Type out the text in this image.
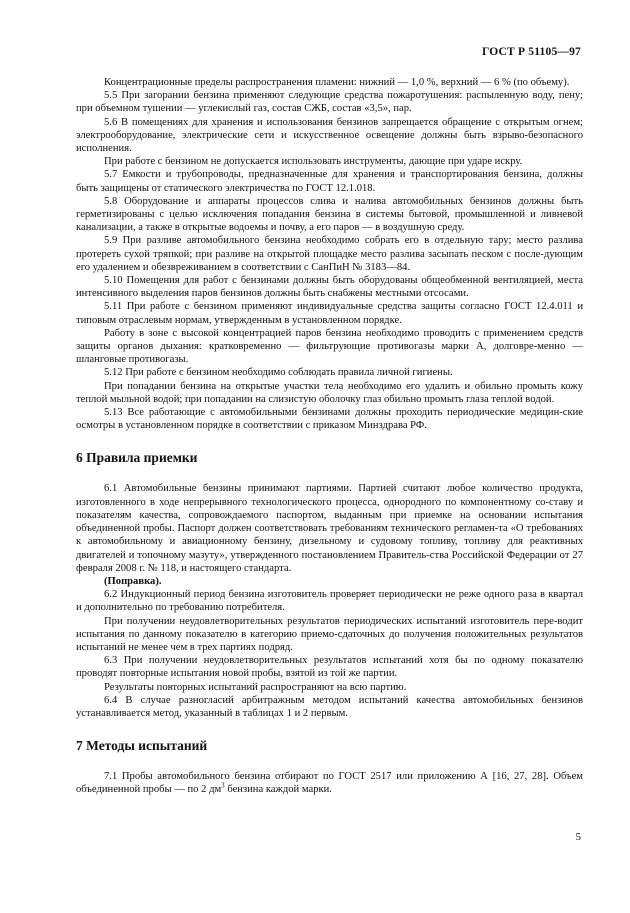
ГОСТ Р 51105—97

Концентрационные пределы распространения пламени: нижний — 1,0 %, верхний — 6 % (по объему).

5.5 При загорании бензина применяют следующие средства пожаротушения: распыленную воду, пену; при объемном тушении — углекислый газ, состав СЖБ, состав «3,5», пар.

5.6 В помещениях для хранения и использования бензинов запрещается обращение с открытым огнем; электрооборудование, электрические сети и искусственное освещение должны быть взрыво-безопасного исполнения.

При работе с бензином не допускается использовать инструменты, дающие при ударе искру.

5.7 Емкости и трубопроводы, предназначенные для хранения и транспортирования бензина, должны быть защищены от статического электричества по ГОСТ 12.1.018.

5.8 Оборудование и аппараты процессов слива и налива автомобильных бензинов должны быть герметизированы с целью исключения попадания бензина в системы бытовой, промышленной и ливневой канализации, а также в открытые водоемы и почву, а его паров — в воздушную среду.

5.9 При разливе автомобильного бензина необходимо собрать его в отдельную тару; место разлива протереть сухой тряпкой; при разливе на открытой площадке место разлива засыпать песком с после-дующим его удалением и обезвреживанием в соответствии с СанПиН № 3183—84.

5.10 Помещения для работ с бензинами должны быть оборудованы общеобменной вентиляцией, места интенсивного выделения паров бензинов должны быть снабжены местными отсосами.

5.11 При работе с бензином применяют индивидуальные средства защиты согласно ГОСТ 12.4.011 и типовым отраслевым нормам, утвержденным в установленном порядке.

Работу в зоне с высокой концентрацией паров бензина необходимо проводить с применением средств защиты органов дыхания: кратковременно — фильтрующие противогазы марки А, долговре-менно — шланговые противогазы.

5.12 При работе с бензином необходимо соблюдать правила личной гигиены.

При попадании бензина на открытые участки тела необходимо его удалить и обильно промыть кожу теплой мыльной водой; при попадании на слизистую оболочку глаз обильно промыть глаза теплой водой.

5.13 Все работающие с автомобильными бензинами должны проходить периодические медицин-ские осмотры в установленном порядке в соответствии с приказом Минздрава РФ.

6 Правила приемки

6.1 Автомобильные бензины принимают партиями. Партией считают любое количество продукта, изготовленного в ходе непрерывного технологического процесса, однородного по компонентному со-ставу и показателям качества, сопровождаемого паспортом, выданным при приемке на основании испытания объединенной пробы. Паспорт должен соответствовать требованиям технического регламен-та «О требованиях к автомобильному и авиационному бензину, дизельному и судовому топливу, топливу для реактивных двигателей и топочному мазуту», утвержденного постановлением Правитель-ства Российской Федерации от 27 февраля 2008 г. № 118, и настоящего стандарта.

(Поправка).

6.2 Индукционный период бензина изготовитель проверяет периодически не реже одного раза в квартал и дополнительно по требованию потребителя.

При получении неудовлетворительных результатов периодических испытаний изготовитель пере-водит испытания по данному показателю в категорию приемо-сдаточных до получения положительных результатов испытаний не менее чем в трех партиях подряд.

6.3 При получении неудовлетворительных результатов испытаний хотя бы по одному показателю проводят повторные испытания новой пробы, взятой из той же партии.

Результаты повторных испытаний распространяют на всю партию.

6.4 В случае разногласий арбитражным методом испытаний качества автомобильных бензинов устанавливается метод, указанный в таблицах 1 и 2 первым.

7 Методы испытаний

7.1 Пробы автомобильного бензина отбирают по ГОСТ 2517 или приложению А [16, 27, 28]. Объем объединенной пробы — по 2 $дм^3$ бензина каждой марки.

5
